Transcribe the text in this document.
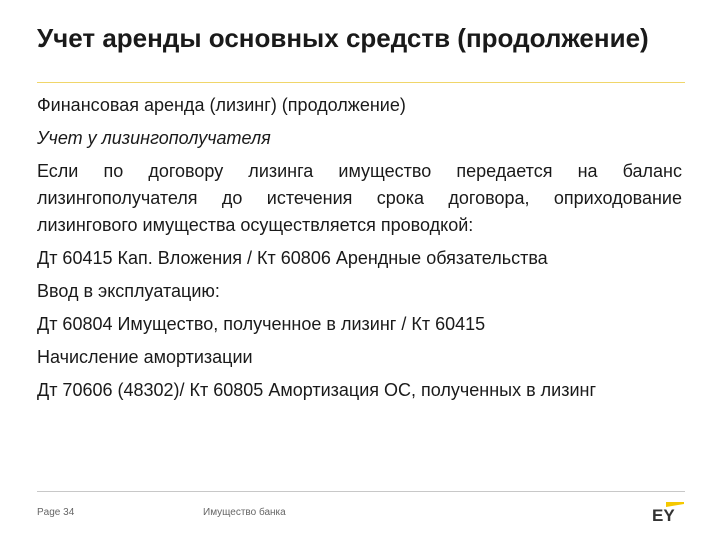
Учет аренды основных средств (продолжение)

Финансовая аренда (лизинг) (продолжение)

Учет у лизингополучателя

Если по договору лизинга имущество передается на баланс лизингополучателя до истечения срока договора, оприходование лизингового имущества осуществляется проводкой:

Дт 60415 Кап. Вложения / Кт 60806 Арендные обязательства

Ввод в эксплуатацию:

Дт 60804 Имущество, полученное в лизинг / Кт 60415

Начисление амортизации

Дт 70606 (48302)/ Кт 60805 Амортизация ОС, полученных в лизинг

Page 34	Имущество банка	EY
